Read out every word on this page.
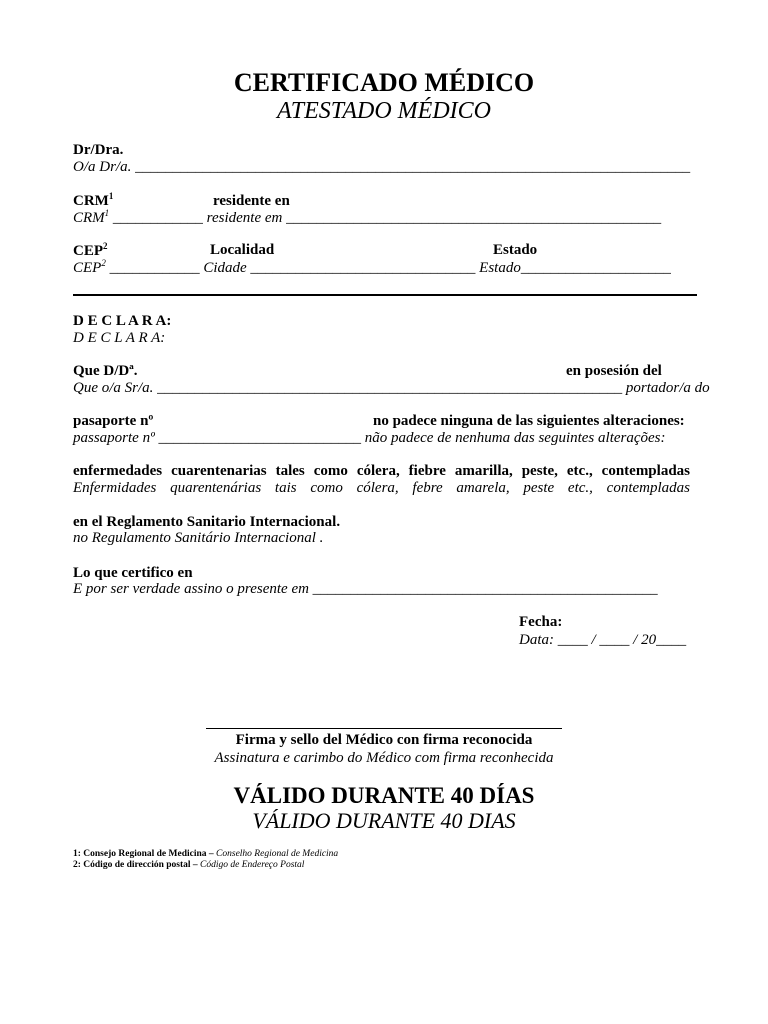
CERTIFICADO MÉDICO
ATESTADO MÉDICO
Dr/Dra.
O/a Dr/a. __________________________________________________________________________
CRM$^1$	residente en
CRM$^1$ ____________ residente em __________________________________________________
CEP$^2$	Localidad	Estado
CEP$^2$ ____________ Cidade ______________________________ Estado____________________
D E C L A R A:
D E C L A R A:
Que D/Dª.	en posesión del
Que o/a Sr/a. ______________________________________________________________ portador/a do
pasaporte nº	no padece ninguna de las siguientes alteraciones:
passaporte nº ___________________________ não padece de nenhuma das seguintes alterações:
enfermedades cuarentenarias tales como cólera, fiebre amarilla, peste, etc., contempladas
Enfermidades quarentenárias tais como cólera, febre amarela, peste etc., contempladas
en el Reglamento Sanitario Internacional.
no Regulamento Sanitário Internacional .
Lo que certifico en
E por ser verdade assino o presente em ______________________________________________
Fecha:
Data: ____ / ____ / 20____
Firma y sello del Médico con firma reconocida
Assinatura e carimbo do Médico com firma reconhecida
VÁLIDO DURANTE 40 DÍAS
VÁLIDO DURANTE 40 DIAS
1: Consejo Regional de Medicina – Conselho Regional de Medicina
2: Código de dirección postal – Código de Endereço Postal
